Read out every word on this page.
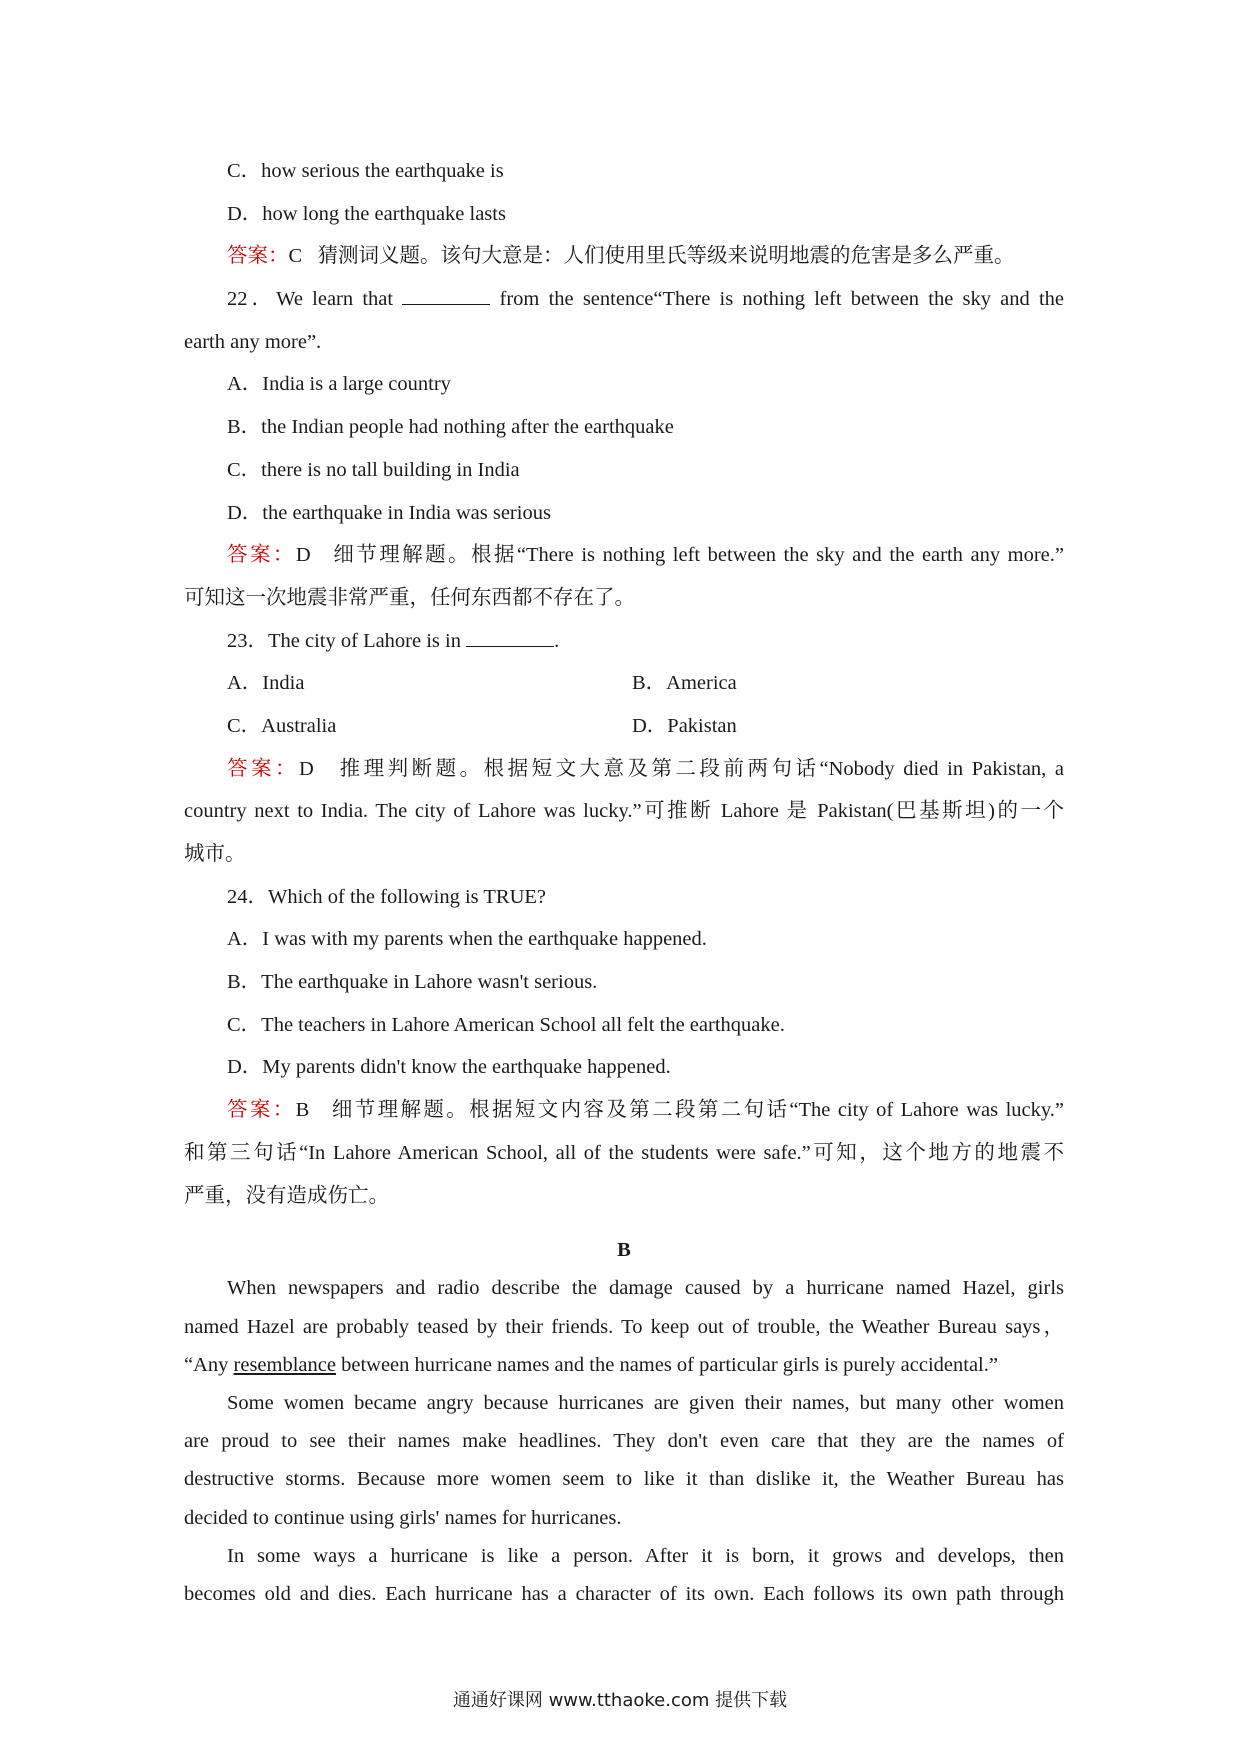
C．how serious the earthquake is
D．how long the earthquake lasts
答案：C 猜测词义题。该句大意是：人们使用里氏等级来说明地震的危害是多么严重。
22．We learn that	from the sentence“There is nothing left between the sky and the
earth any more”.
A．India is a large country
B．the Indian people had nothing after the earthquake
C．there is no tall building in India
D．the earthquake in India was serious
答案：D 细节理解题。根据“There is nothing left between the sky and the earth any more.”
可知这一次地震非常严重，任何东西都不存在了。
23．The city of Lahore is in	.
A．India	B．America
C．Australia	D．Pakistan
答案：D 推理判断题。根据短文大意及第二段前两句话“Nobody died in Pakistan, a
country next to India. The city of Lahore was lucky.”可推断 Lahore 是 Pakistan(巴基斯坦)的一个
城市。
24．Which of the following is TRUE?
A．I was with my parents when the earthquake happened.
B．The earthquake in Lahore wasn't serious.
C．The teachers in Lahore American School all felt the earthquake.
D．My parents didn't know the earthquake happened.
答案：B 细节理解题。根据短文内容及第二段第二句话“The city of Lahore was lucky.”
和第三句话“In Lahore American School, all of the students were safe.”可知，这个地方的地震不
严重，没有造成伤亡。
B
When newspapers and radio describe the damage caused by a hurricane named Hazel, girls
named Hazel are probably teased by their friends. To keep out of trouble, the Weather Bureau says，
“Any resemblance between hurricane names and the names of particular girls is purely accidental.”
Some women became angry because hurricanes are given their names, but many other women
are proud to see their names make headlines. They don't even care that they are the names of
destructive storms. Because more women seem to like it than dislike it, the Weather Bureau has
decided to continue using girls' names for hurricanes.
In some ways a hurricane is like a person. After it is born, it grows and develops, then
becomes old and dies. Each hurricane has a character of its own. Each follows its own path through
通通好课网 www.tthaoke.com 提供下载
